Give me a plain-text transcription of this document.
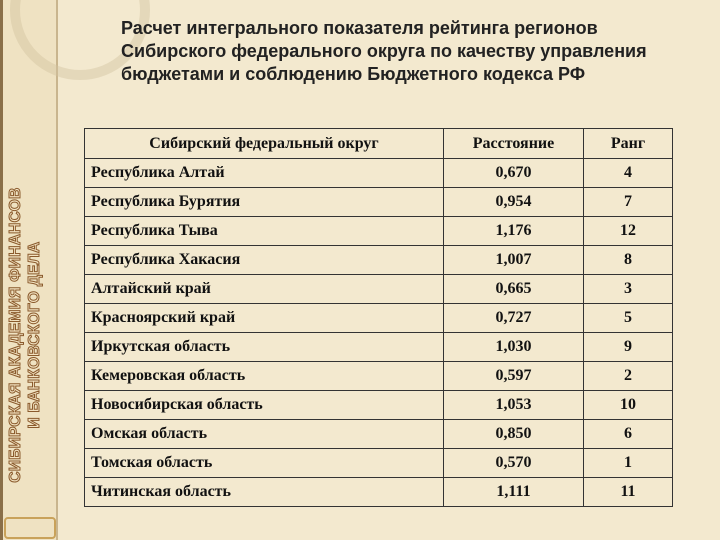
СИБИРСКАЯ АКАДЕМИЯ ФИНАНСОВ И БАНКОВСКОГО ДЕЛА
Расчет интегрального показателя рейтинга регионов Сибирского федерального округа по качеству управления бюджетами и соблюдению Бюджетного кодекса РФ
Сибирский федеральный округ	Расстояние	Ранг
Республика Алтай	0,670	4
Республика Бурятия	0,954	7
Республика Тыва	1,176	12
Республика Хакасия	1,007	8
Алтайский край	0,665	3
Красноярский край	0,727	5
Иркутская область	1,030	9
Кемеровская область	0,597	2
Новосибирская область	1,053	10
Омская область	0,850	6
Томская область	0,570	1
Читинская область	1,111	11
